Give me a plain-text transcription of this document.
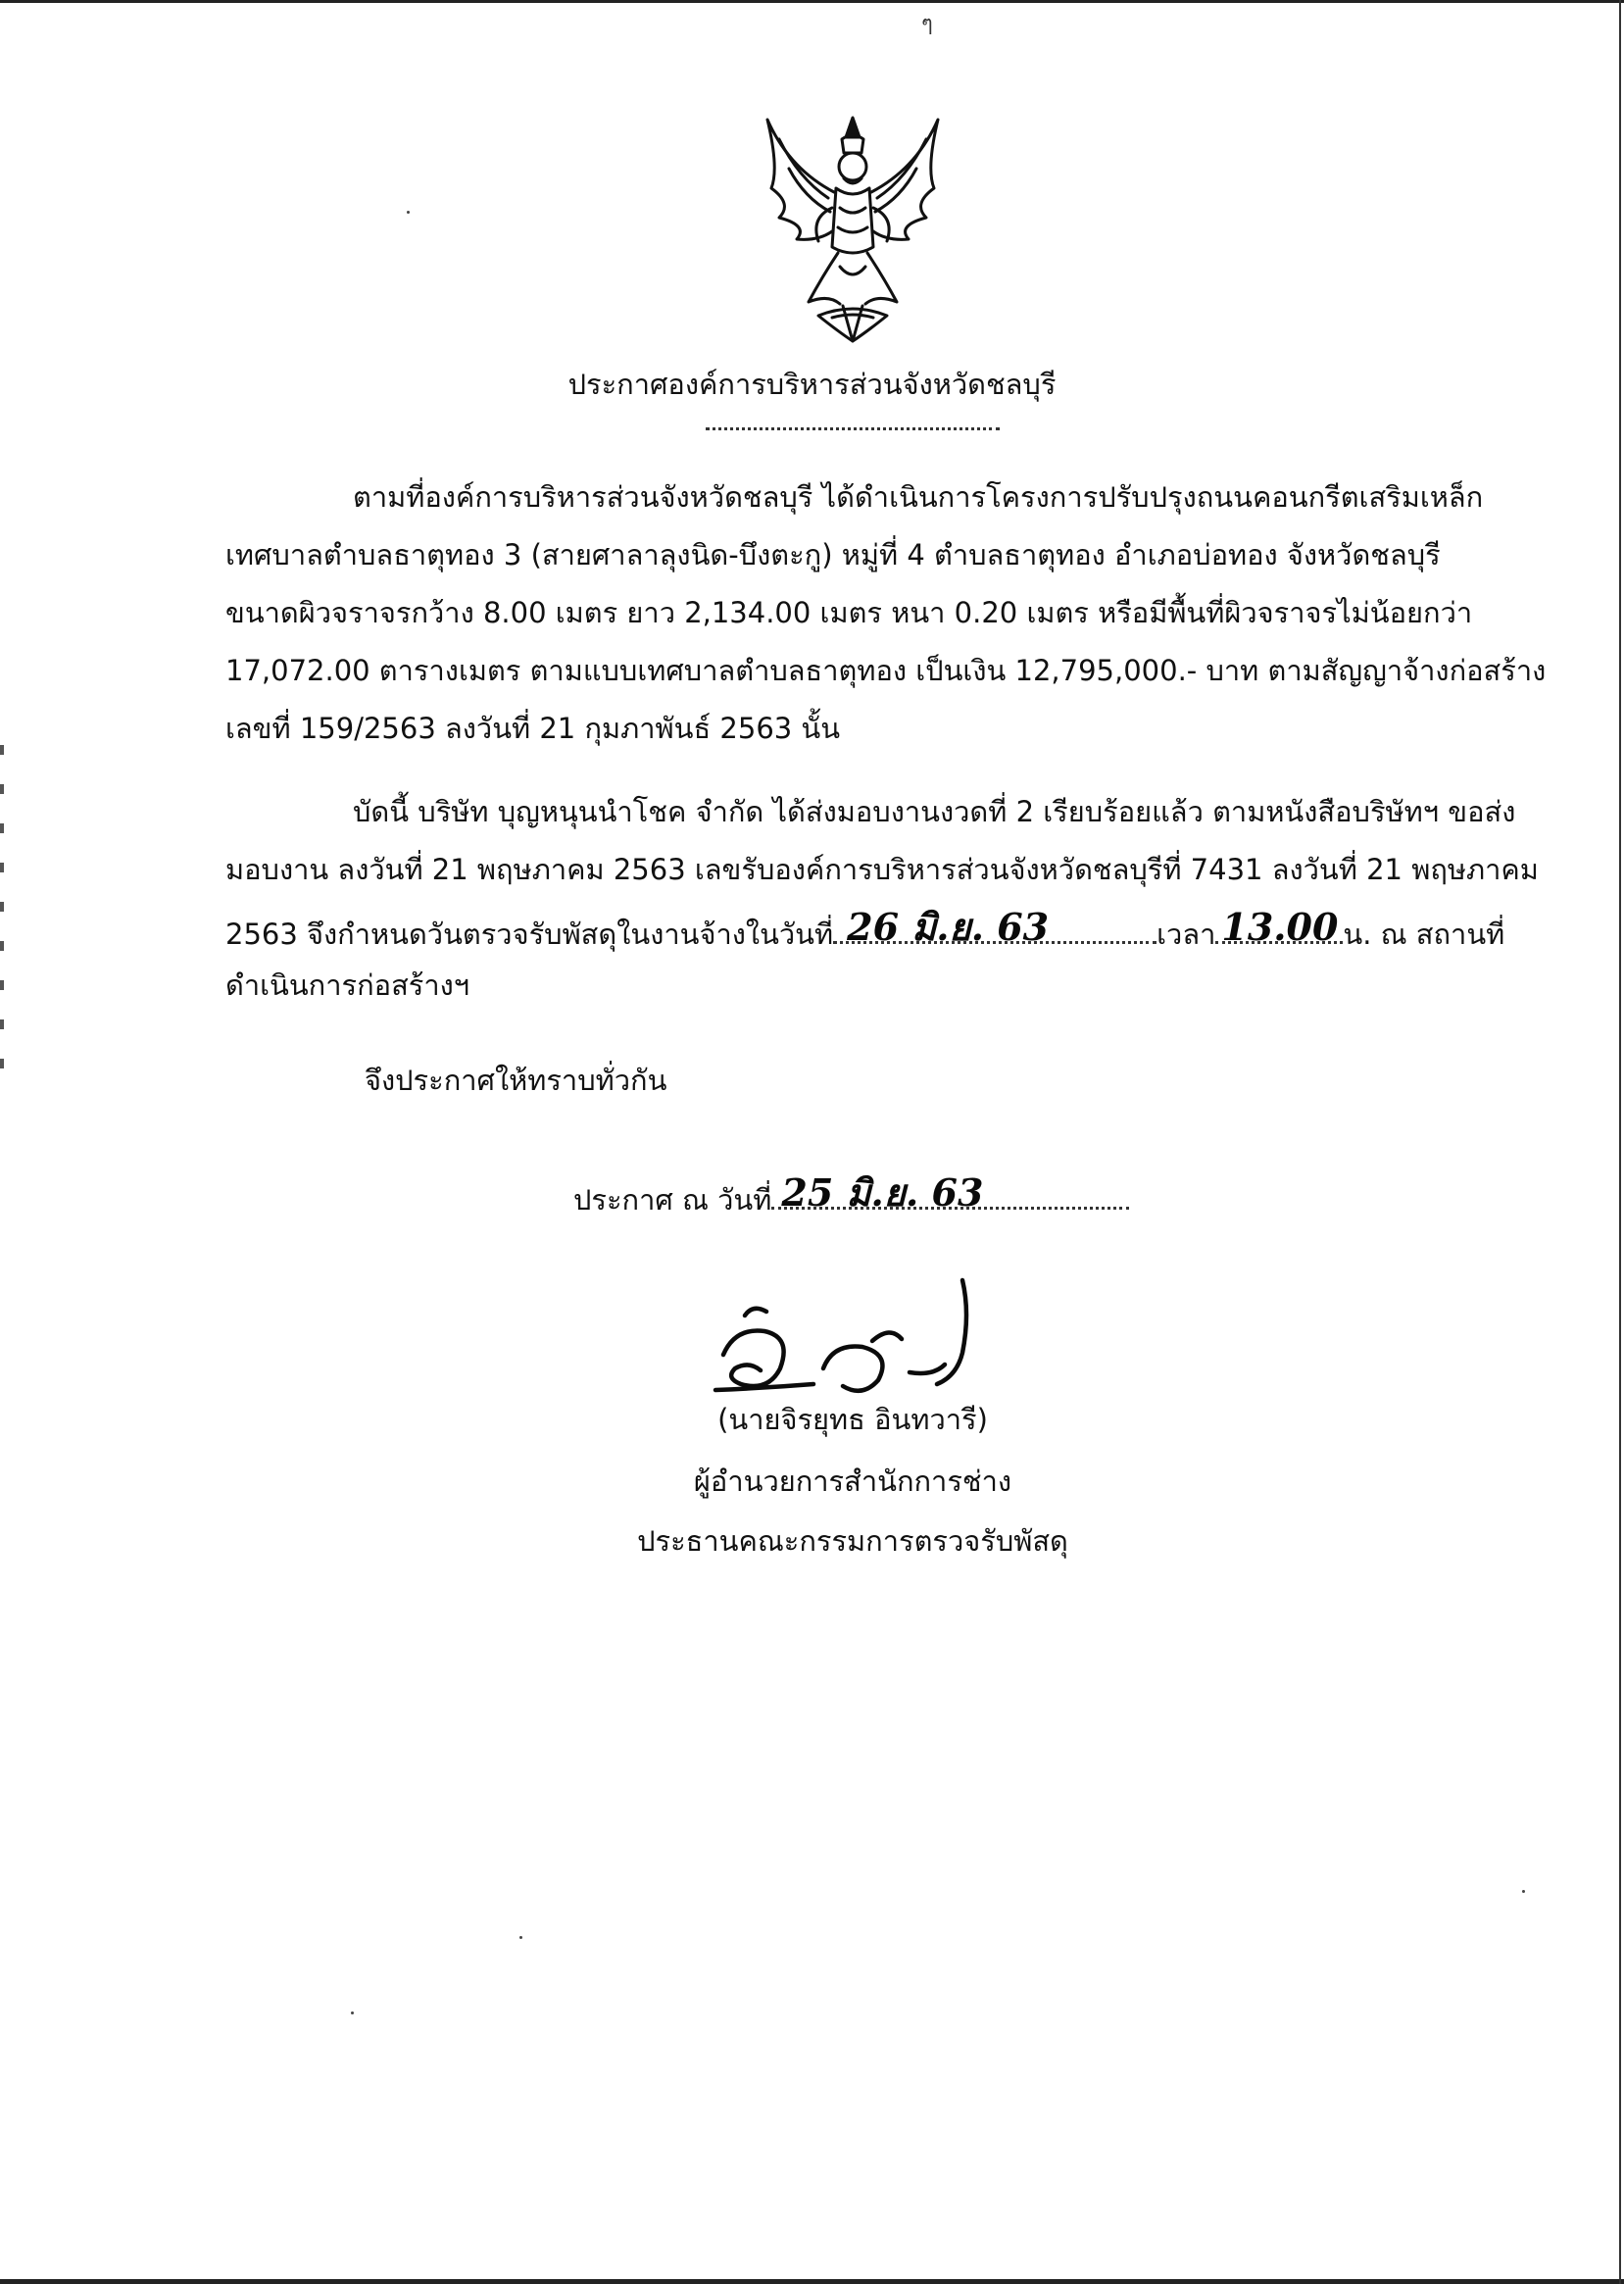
ๆ
ประกาศองค์การบริหารส่วนจังหวัดชลบุรี
ตามที่องค์การบริหารส่วนจังหวัดชลบุรี ได้ดำเนินการโครงการปรับปรุงถนนคอนกรีตเสริมเหล็ก
เทศบาลตำบลธาตุทอง 3 (สายศาลาลุงนิด-บึงตะกู) หมู่ที่ 4 ตำบลธาตุทอง อำเภอบ่อทอง จังหวัดชลบุรี
ขนาดผิวจราจรกว้าง 8.00 เมตร ยาว 2,134.00 เมตร หนา 0.20 เมตร หรือมีพื้นที่ผิวจราจรไม่น้อยกว่า
17,072.00 ตารางเมตร ตามแบบเทศบาลตำบลธาตุทอง เป็นเงิน 12,795,000.- บาท ตามสัญญาจ้างก่อสร้าง
เลขที่ 159/2563 ลงวันที่ 21 กุมภาพันธ์ 2563 นั้น
บัดนี้ บริษัท บุญหนุนนำโชค จำกัด ได้ส่งมอบงานงวดที่ 2 เรียบร้อยแล้ว ตามหนังสือบริษัทฯ ขอส่ง
มอบงาน ลงวันที่ 21 พฤษภาคม 2563 เลขรับองค์การบริหารส่วนจังหวัดชลบุรีที่ 7431 ลงวันที่ 21 พฤษภาคม
2563 จึงกำหนดวันตรวจรับพัสดุในงานจ้างในวันที่ 26 มิ.ย. 63	เวลา 13.00 น. ณ สถานที่
ดำเนินการก่อสร้างฯ
จึงประกาศให้ทราบทั่วกัน
ประกาศ ณ วันที่ 25 มิ.ย. 63
(นายจิรยุทธ อินทวารี)
ผู้อำนวยการสำนักการช่าง
ประธานคณะกรรมการตรวจรับพัสดุ
